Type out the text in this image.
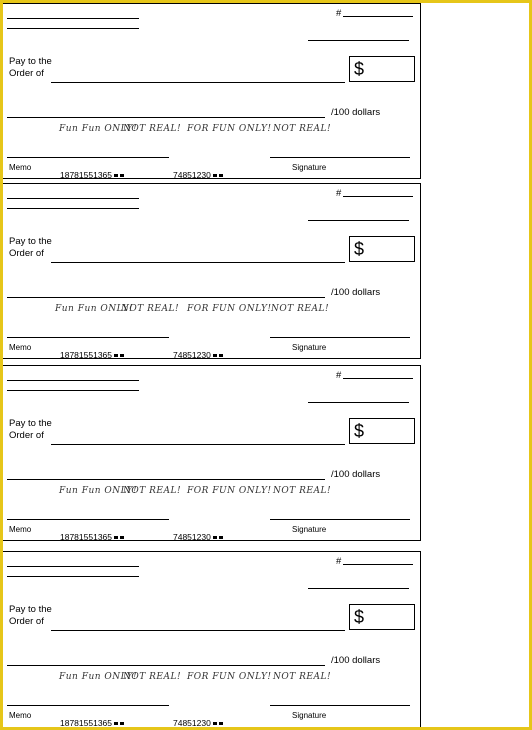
#
Pay to the
Order of	$
/100 dollars
Fun Fun ONLY!
NOT REAL! FOR FUN ONLY! NOT REAL!
Memo	Signature
18781551365	74851230
#
Pay to the
Order of	$
/100 dollars
Fun Fun ONLY!
NOT REAL! FOR FUN ONLY! NOT REAL!
Memo	Signature
18781551365	74851230
#
Pay to the
Order of	$
/100 dollars
Fun Fun ONLY!
NOT REAL! FOR FUN ONLY! NOT REAL!
Memo	Signature
18781551365	74851230
#
Pay to the
Order of	$
/100 dollars
Fun Fun ONLY!
NOT REAL! FOR FUN ONLY! NOT REAL!
Memo	Signature
18781551365	74851230
